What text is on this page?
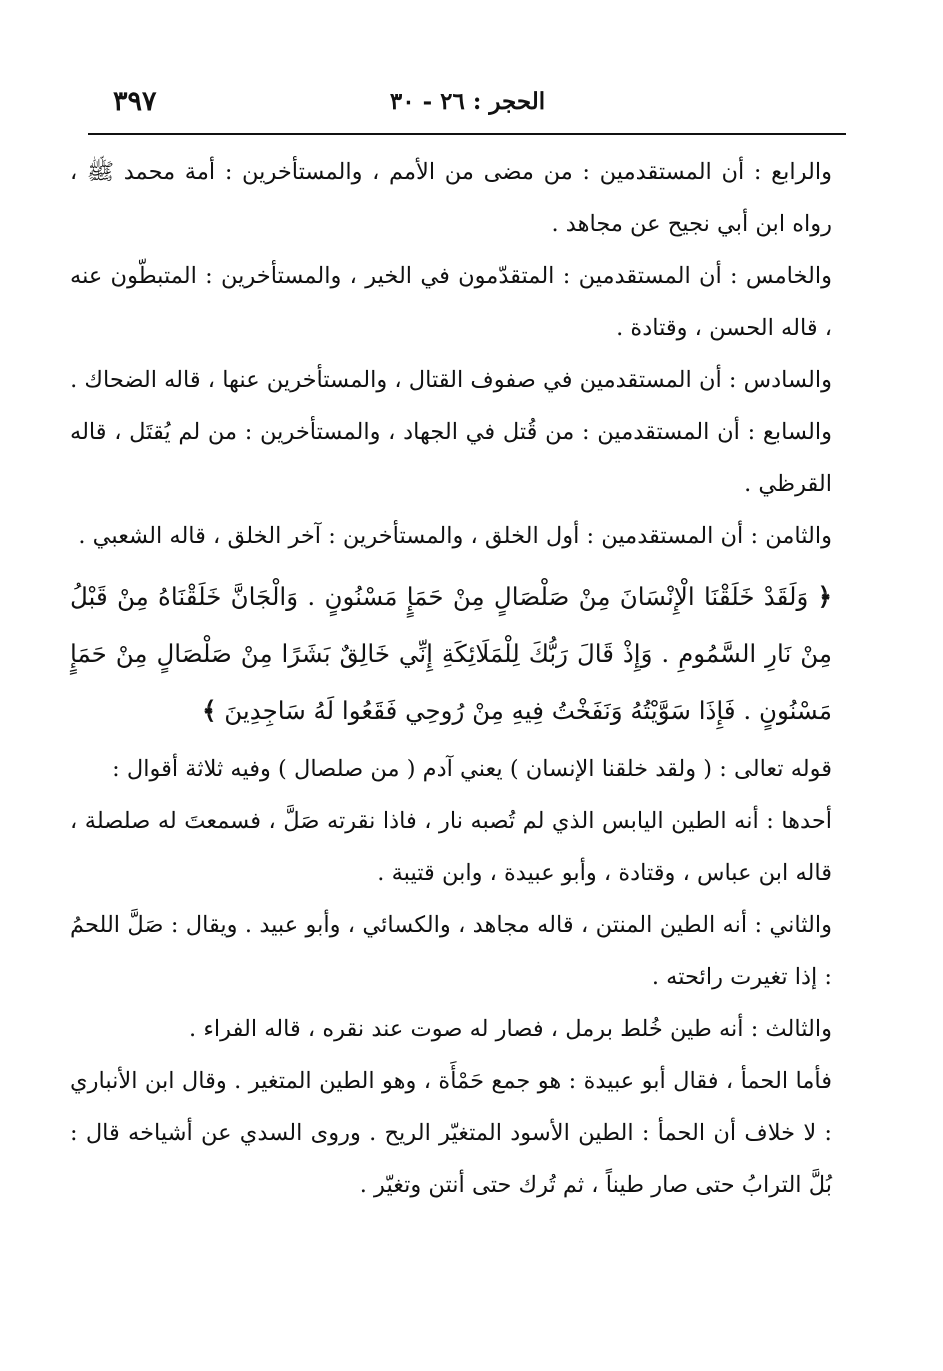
الحجر : ٢٦ - ٣٠
٣٩٧

والرابع : أن المستقدمين : من مضى من الأمم ، والمستأخرين : أمة محمد ﷺ ، رواه ابن أبي نجيح عن مجاهد .

والخامس : أن المستقدمين : المتقدّمون في الخير ، والمستأخرين : المتبطّون عنه ، قاله الحسن ، وقتادة .

والسادس : أن المستقدمين في صفوف القتال ، والمستأخرين عنها ، قاله الضحاك .

والسابع : أن المستقدمين : من قُتل في الجهاد ، والمستأخرين : من لم يُقتَل ، قاله القرظي .

والثامن : أن المستقدمين : أول الخلق ، والمستأخرين : آخر الخلق ، قاله الشعبي .

﴿ وَلَقَدْ خَلَقْنَا الْإِنْسَانَ مِنْ صَلْصَالٍ مِنْ حَمَإٍ مَسْنُونٍ . وَالْجَانَّ خَلَقْنَاهُ مِنْ قَبْلُ مِنْ نَارِ السَّمُومِ . وَإِذْ قَالَ رَبُّكَ لِلْمَلَائِكَةِ إِنِّي خَالِقٌ بَشَرًا مِنْ صَلْصَالٍ مِنْ حَمَإٍ مَسْنُونٍ . فَإِذَا سَوَّيْتُهُ وَنَفَخْتُ فِيهِ مِنْ رُوحِي فَقَعُوا لَهُ سَاجِدِينَ ﴾

قوله تعالى : ( ولقد خلقنا الإنسان ) يعني آدم ( من صلصال ) وفيه ثلاثة أقوال :

أحدها : أنه الطين اليابس الذي لم تُصبه نار ، فاذا نقرته صَلَّ ، فسمعتَ له صلصلة ، قاله ابن عباس ، وقتادة ، وأبو عبيدة ، وابن قتيبة .

والثاني : أنه الطين المنتن ، قاله مجاهد ، والكسائي ، وأبو عبيد . ويقال : صَلَّ اللحمُ : إذا تغيرت رائحته .

والثالث : أنه طين خُلط برمل ، فصار له صوت عند نقره ، قاله الفراء .

فأما الحمأ ، فقال أبو عبيدة : هو جمع حَمْأَة ، وهو الطين المتغير . وقال ابن الأنباري : لا خلاف أن الحمأ : الطين الأسود المتغيّر الريح . وروى السدي عن أشياخه قال : بُلَّ الترابُ حتى صار طيناً ، ثم تُرك حتى أنتن وتغيّر .
